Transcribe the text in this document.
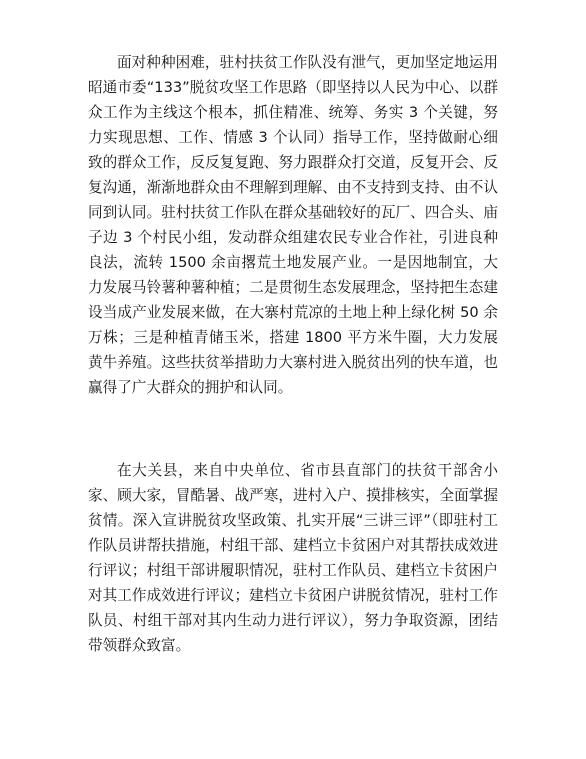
面对种种困难，驻村扶贫工作队没有泄气，更加坚定地运用昭通市委“133”脱贫攻坚工作思路（即坚持以人民为中心、以群众工作为主线这个根本，抓住精准、统筹、务实 3 个关键，努力实现思想、工作、情感 3 个认同）指导工作，坚持做耐心细致的群众工作，反反复复跑、努力跟群众打交道，反复开会、反复沟通，渐渐地群众由不理解到理解、由不支持到支持、由不认同到认同。驻村扶贫工作队在群众基础较好的瓦厂、四合头、庙子边 3 个村民小组，发动群众组建农民专业合作社，引进良种良法，流转 1500 余亩撂荒土地发展产业。一是因地制宜，大力发展马铃薯种薯种植；二是贯彻生态发展理念，坚持把生态建设当成产业发展来做，在大寨村荒凉的土地上种上绿化树 50 余万株；三是种植青储玉米，搭建 1800 平方米牛圈，大力发展黄牛养殖。这些扶贫举措助力大寨村进入脱贫出列的快车道，也赢得了广大群众的拥护和认同。

在大关县，来自中央单位、省市县直部门的扶贫干部舍小家、顾大家，冒酷暑、战严寒，进村入户、摸排核实，全面掌握贫情。深入宣讲脱贫攻坚政策、扎实开展“三讲三评”（即驻村工作队员讲帮扶措施，村组干部、建档立卡贫困户对其帮扶成效进行评议；村组干部讲履职情况，驻村工作队员、建档立卡贫困户对其工作成效进行评议；建档立卡贫困户讲脱贫情况，驻村工作队员、村组干部对其内生动力进行评议），努力争取资源，团结带领群众致富。
